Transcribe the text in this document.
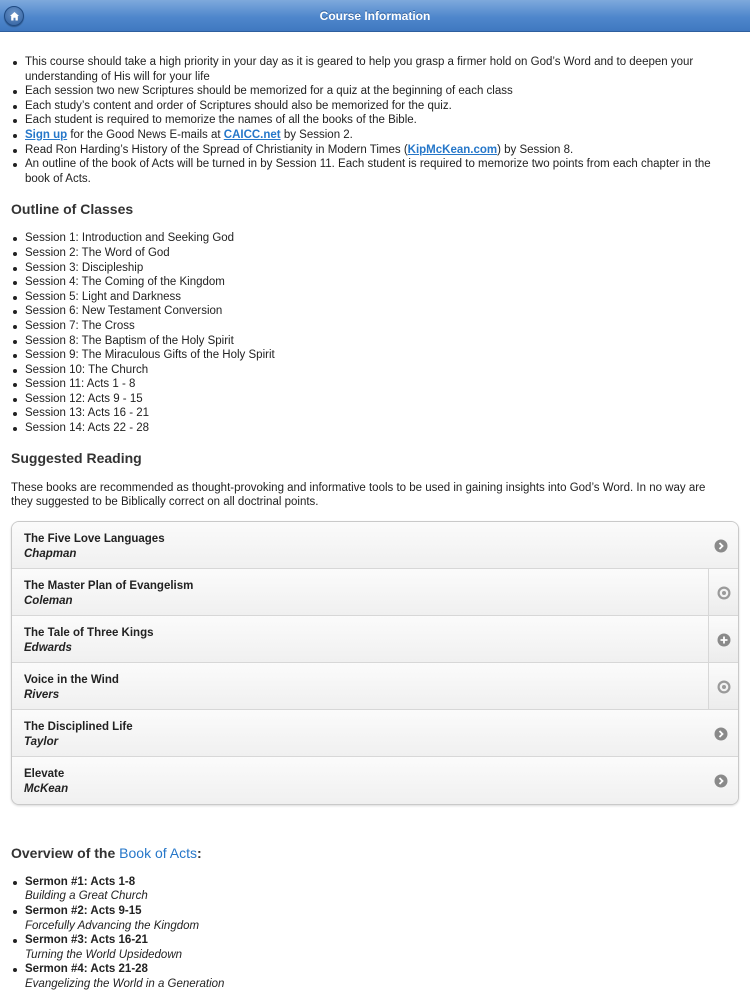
Course Information
This course should take a high priority in your day as it is geared to help you grasp a firmer hold on God’s Word and to deepen your understanding of His will for your life
Each session two new Scriptures should be memorized for a quiz at the beginning of each class
Each study’s content and order of Scriptures should also be memorized for the quiz.
Each student is required to memorize the names of all the books of the Bible.
Sign up for the Good News E-mails at CAICC.net by Session 2.
Read Ron Harding’s History of the Spread of Christianity in Modern Times (KipMcKean.com) by Session 8.
An outline of the book of Acts will be turned in by Session 11. Each student is required to memorize two points from each chapter in the book of Acts.
Outline of Classes
Session 1: Introduction and Seeking God
Session 2: The Word of God
Session 3: Discipleship
Session 4: The Coming of the Kingdom
Session 5: Light and Darkness
Session 6: New Testament Conversion
Session 7: The Cross
Session 8: The Baptism of the Holy Spirit
Session 9: The Miraculous Gifts of the Holy Spirit
Session 10: The Church
Session 11: Acts 1 - 8
Session 12: Acts 9 - 15
Session 13: Acts 16 - 21
Session 14: Acts 22 - 28
Suggested Reading

These books are recommended as thought-provoking and informative tools to be used in gaining insights into God’s Word. In no way are they suggested to be Biblically correct on all doctrinal points.

The Five Love Languages
Chapman
The Master Plan of Evangelism
Coleman
The Tale of Three Kings
Edwards
Voice in the Wind
Rivers
The Disciplined Life
Taylor
Elevate
McKean
Overview of the Book of Acts:
Sermon #1: Acts 1-8
Building a Great Church
Sermon #2: Acts 9-15
Forcefully Advancing the Kingdom
Sermon #3: Acts 16-21
Turning the World Upsidedown
Sermon #4: Acts 21-28
Evangelizing the World in a Generation
